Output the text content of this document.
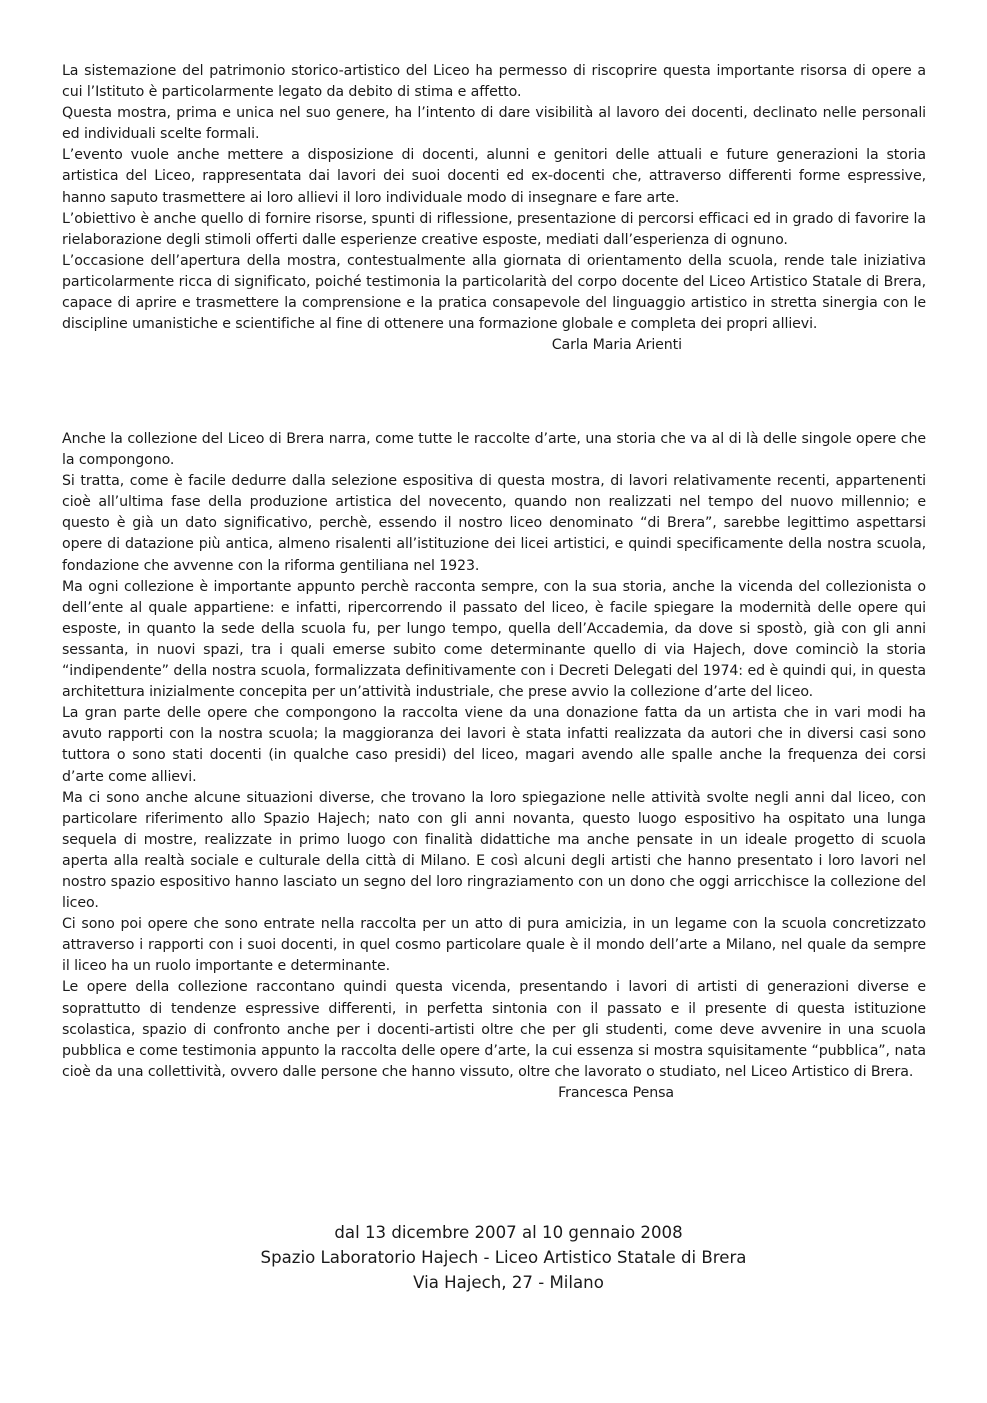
La sistemazione del patrimonio storico-artistico del Liceo ha permesso di riscoprire questa importante risorsa di opere a cui l’Istituto è particolarmente legato da debito di stima e affetto.

Questa mostra, prima e unica nel suo genere, ha l’intento di dare visibilità al lavoro dei docenti, declinato nelle personali ed individuali scelte formali.

L’evento vuole anche mettere a disposizione di docenti, alunni e genitori delle attuali e future generazioni la storia artistica del Liceo, rappresentata dai lavori dei suoi docenti ed ex-docenti che, attraverso differenti forme espressive, hanno saputo trasmettere ai loro allievi il loro individuale modo di insegnare e fare arte.

L’obiettivo è anche quello di fornire risorse, spunti di riflessione, presentazione di percorsi efficaci ed in grado di favorire la rielaborazione degli stimoli offerti dalle esperienze creative esposte, mediati dall’esperienza di ognuno.

L’occasione dell’apertura della mostra, contestualmente alla giornata di orientamento della scuola, rende tale iniziativa particolarmente ricca di significato, poiché testimonia la particolarità del corpo docente del Liceo Artistico Statale di Brera, capace di aprire e trasmettere la comprensione e la pratica consapevole del linguaggio artistico in stretta sinergia con le discipline umanistiche e scientifiche al fine di ottenere una formazione globale e completa dei propri allievi.

Carla Maria Arienti

Anche la collezione del Liceo di Brera narra, come tutte le raccolte d’arte, una storia che va al di là delle singole opere che la compongono.

Si tratta, come è facile dedurre dalla selezione espositiva di questa mostra, di lavori relativamente recenti, appartenenti cioè all’ultima fase della produzione artistica del novecento, quando non realizzati nel tempo del nuovo millennio; e questo è già un dato significativo, perchè, essendo il nostro liceo denominato “di Brera”, sarebbe legittimo aspettarsi opere di datazione più antica, almeno risalenti all’istituzione dei licei artistici, e quindi specificamente della nostra scuola, fondazione che avvenne con la riforma gentiliana nel 1923.

Ma ogni collezione è importante appunto perchè racconta sempre, con la sua storia, anche la vicenda del collezionista o dell’ente al quale appartiene: e infatti, ripercorrendo il passato del liceo, è facile spiegare la modernità delle opere qui esposte, in quanto la sede della scuola fu, per lungo tempo, quella dell’Accademia, da dove si spostò, già con gli anni sessanta, in nuovi spazi, tra i quali emerse subito come determinante quello di via Hajech, dove cominciò la storia “indipendente” della nostra scuola, formalizzata definitivamente con i Decreti Delegati del 1974: ed è quindi qui, in questa architettura inizialmente concepita per un’attività industriale, che prese avvio la collezione d’arte del liceo.

La gran parte delle opere che compongono la raccolta viene da una donazione fatta da un artista che in vari modi ha avuto rapporti con la nostra scuola; la maggioranza dei lavori è stata infatti realizzata da autori che in diversi casi sono tuttora o sono stati docenti (in qualche caso presidi) del liceo, magari avendo alle spalle anche la frequenza dei corsi d’arte come allievi.

Ma ci sono anche alcune situazioni diverse, che trovano la loro spiegazione nelle attività svolte negli anni dal liceo, con particolare riferimento allo Spazio Hajech; nato con gli anni novanta, questo luogo espositivo ha ospitato una lunga sequela di mostre, realizzate in primo luogo con finalità didattiche ma anche pensate in un ideale progetto di scuola aperta alla realtà sociale e culturale della città di Milano. E così alcuni degli artisti che hanno presentato i loro lavori nel nostro spazio espositivo hanno lasciato un segno del loro ringraziamento con un dono che oggi arricchisce la collezione del liceo.

Ci sono poi opere che sono entrate nella raccolta per un atto di pura amicizia, in un legame con la scuola concretizzato attraverso i rapporti con i suoi docenti, in quel cosmo particolare quale è il mondo dell’arte a Milano, nel quale da sempre il liceo ha un ruolo importante e determinante.

Le opere della collezione raccontano quindi questa vicenda, presentando i lavori di artisti di generazioni diverse e soprattutto di tendenze espressive differenti, in perfetta sintonia con il passato e il presente di questa istituzione scolastica, spazio di confronto anche per i docenti-artisti oltre che per gli studenti, come deve avvenire in una scuola pubblica e come testimonia appunto la raccolta delle opere d’arte, la cui essenza si mostra squisitamente “pubblica”, nata cioè da una collettività, ovvero dalle persone che hanno vissuto, oltre che lavorato o studiato, nel Liceo Artistico di Brera.

Francesca Pensa

dal 13 dicembre 2007 al 10 gennaio 2008

Spazio Laboratorio Hajech - Liceo Artistico Statale di Brera

Via Hajech, 27 - Milano
